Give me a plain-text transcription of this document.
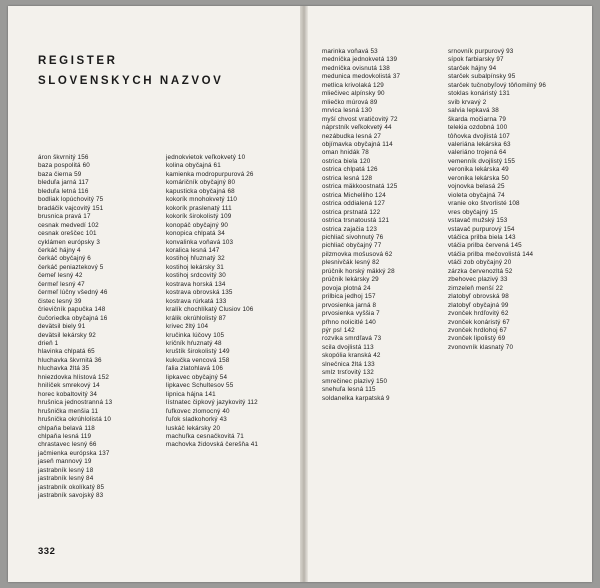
REGISTER
SLOVENSKYCH NAZVOV

áron škvrnitý 156

baza pospolitá 60

baza čierna 59

bleduľa jarná 117

bleduľa letná 116

bodliak lopúchovitý 75

bradáčik vajcovitý 151

brusnica pravá 17

cesnak medvedí 102

cesnak oreščec 101

cyklámen európsky 3

čerkáč hájny 4

čerkáč obyčajný 6

čerkáč peniaztekový 5

čemeľ lesný 42

čermeľ lesný 47

čermeľ lúčny všedný 46

čistec lesný 39

črievičník papučka 148

čučoriedka obyčajná 16

devätsil biely 91

devätsil lekársky 92

drieň 1

hlavinka chlpatá 65

hluchavka škvrnitá 36

hluchavka žltá 35

hniezdovka hlístová 152

hnilíček smrekový 14

horec kobaltovitý 34

hrušnica jednostranná 13

hrušnička menšia 11

hrušnička okrúhlolistá 10

chlpaňa belavá 118

chlpaňa lesná 119

chrastavec lesný 66

jačmienka európska 137

jaseň mannový 19

jastrabník lesný 18

jastrabník lesný 84

jastrabník okolíkatý 85

jastrabník savojský 83

jednokvietok veľkokvetý 10

kolina obyčajná 61

kamienka modropurpurová 26

komáričník obyčajný 80

kapusticka obyčajná 68

kokorík mnohokvetý 110

kokorík praslenatý 111

kokorík širokolistý 109

konopáč obyčajný 90

konopica chlpatá 34

konvalinka voňavá 103

koralica lesná 147

kostihoj hľuznatý 32

kostihoj lekársky 31

kostihoj srdcovitý 30

kostrava horská 134

kostrava obrovská 135

kostrava rúrkatá 133

kralík chochlíkatý Clusiov 106

králik okrúhlolistý 87

krivec žltý 104

kručinka lúčovy 105

kričník hŕuznatý 48

kruštík širokolistý 149

kukučka vencová 158

ľalia zlatohlavá 106

lipkavec obyčajný 54

lipkavec Schultesov 55

lipnica hájna 141

lístnatec čipkový jazykovitý 112

ľufkovec zlomocný 40

ľuľok sladkohorký 43

luskáč lekársky 20

machuľka cesnačkovitá 71

machovka židovská čerešňa 41

332

marinka voňavá 53

medníčka jednokvetá 139

medníčka ovisnutá 138

medunica medovkolistá 37

metlica krivolaká 129

mliečivec alpínsky 90

mliečko múrová 89

mrvica lesná 130

myší chvost vratičovitý 72

náprstník veľkokvetý 44

nezábudka lesná 27

objímavka obyčajná 114

oman hnidák 78

ostrica biela 120

ostrica chlpatá 126

ostrica lesná 128

ostrica mäkkoostnatá 125

ostrica Michelliho 124

ostrica oddialená 127

ostrica prstnatá 122

ostrica trsnatoustá 121

ostrica zajačia 123

pichliač sivohnutý 76

pichliač obyčajný 77

pilzmovka mošusová 62

plesnivčák lesný 82

prúčnik horský mäkký 28

prúčnik lekársky 29

povoja plotná 24

prilbica jedhoj 157

prvosienka jarná 8

prvosienka vyššia 7

pŕhno nolicitlé 140

pýr ps! 142

rozvika smrdľavá 73

scila dvojlistá 113

skopólia kranská 42

slnečnica žltá 133

smlz trsťovitý 132

smrečinec plazivý 150

snehuľa lesná 115

soldanelka karpatská 9

srnovník purpurový 93

sípok farbiarsky 97

starček hájny 94

starček subalpínsky 95

starček tučnobyľový tôňomilný 96

stoklas konáristý 131

svib krvavý 2

salvia lepkavá 38

škarda močiarna 79

telekia ozdobná 100

tôňovka dvojlistá 107

valeriána lekárska 63

valeriáno trojená 64

vemenník dvojlistý 155

veronika lekárska 49

veronika lekárska 50

vojnovka belasá 25

violeta obyčajná 74

vranie oko štvorlisté 108

vres obyčajný 15

vstavač mužský 153

vstavač purpurový 154

vtáčica prilba biela 143

vtáčia prilba červená 145

vtáčia prilba mečovolistá 144

vtáči zob obyčajný 20

zárzka červenozltá 52

zbehovec plazivý 33

zimzeleň menší 22

zlatobyľ obrovská 98

zlatobyľ obyčajná 99

zvonček hrdľovitý 62

zvonček konáristý 67

zvonček hrdlohoj 67

zvonček lipolistý 69

zvonovník klasnatý 70
